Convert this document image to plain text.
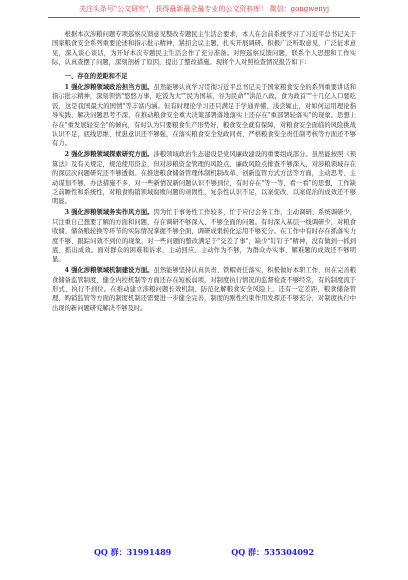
关注头条号"公文研究"，获得最新最全最专业的公文资料库！ 微信：gongwenyj

根据本次涉粮问题专项巡察反馈意见整改专题民主生活会要求，本人在会前系统学习了习近平总书记关于国家粮食安全系列重要论述和指示批示精神，紧扣会议主题，扎实开展调研，积极广泛听取意见，广泛征求意见，深入谈心谈话，为开好本次专题民主生活会作了充分准备。对照巡察反馈问题，联系个人思想和工作实际，认真查摆了问题，深刻剖析了原因，提出了整改措施。现将个人对照检查情况报告如下：

一、存在的差距和不足

1 强化涉粮领域政治担当方面。虽然能够认真学习贯彻习近平总书记关于国家粮食安全的系列重要讲话和指示批示精神，深刻领悟"悠悠万事，吃饭为大""民为国基，谷为民命""洪范八政，食为政首""十几亿人口要吃饭，这是我国最大的国情"等丰富内涵。但有时理论学习还只满足于学通弄懂、浅尝辄止，对如何运用理论指导实践、解决问题思考不深，在推动粮食安全重大决策部署落地落实上还存在"重部署轻落实"的现象。思想上存在"重发展轻安全"的倾向，有时认为只要粮食生产形势好，粮食安全就有保障，对粮食安全面临的风险挑战认识不足，底线思维、忧患意识还不够强，在落实粮食安全党政同责、严格粮食安全责任制考核等方面还不够有力。

2 强化涉粮领域探索研究方面。涉粮领域政治生态建设是党风廉政建设的重要组成部分。虽然能按照《预算法》及有关规定，规范使用资金，但对涉粮资金管理的风险点、廉政风险点排查不够深入，对涉粮领域存在的深层次问题研究还不够透彻。在推进粮食储备管理体制机制改革、创新监管方式方法等方面，主动思考、主动谋划不够，办法措施不多，对一些新情况新问题认识不够到位，有时存在"等一等、看一看"的思想，工作缺乏前瞻性和系统性，对粮食购销领域腐败问题的顽固性、复杂性认识不足，以案促改、以案促治的成效还不够明显。

3 强化涉粮领域务实作风方面。因为忙于事务性工作较多，忙于应付会务工作，主动调研、系统调研少，只注重自己想要了解的方面和问题，存在调研不够深入、不够全面的问题。有时深入基层一线调研少，对粮食收储、储备粮轮换等环节的实际情况掌握不够全面，调研成果转化运用不够充分。在工作中有时存在抓落实力度不够、跟踪问效不到位的现象，对一些问题的整改满足于"交差了事"，缺少"钉钉子"精神，没有做到一抓到底、抓出成效。面对群众的困难和诉求，主动回应、主动作为不够，为群众办实事、解难题的成效还不够明显。

4 强化涉粮领域机制建设方面。虽然能够坚持认真负责、铁帽责任落实，积极做好本职工作，但在完善粮食储备监管制度、健全内控机制等方面还存在短板弱项，对制度执行情况的监督检查不够经常，有的制度流于形式、执行不到位。在推动建立涉粮问题长效机制、防范化解粮食安全风险上，还有一定差距，粮食储备管理、购销监管等方面的制度机制还需要进一步健全完善，制度的刚性约束作用发挥还不够充分，对制度执行中出现的新问题研究解决不够及时。

QQ 群：31991489	QQ 群：535304092
